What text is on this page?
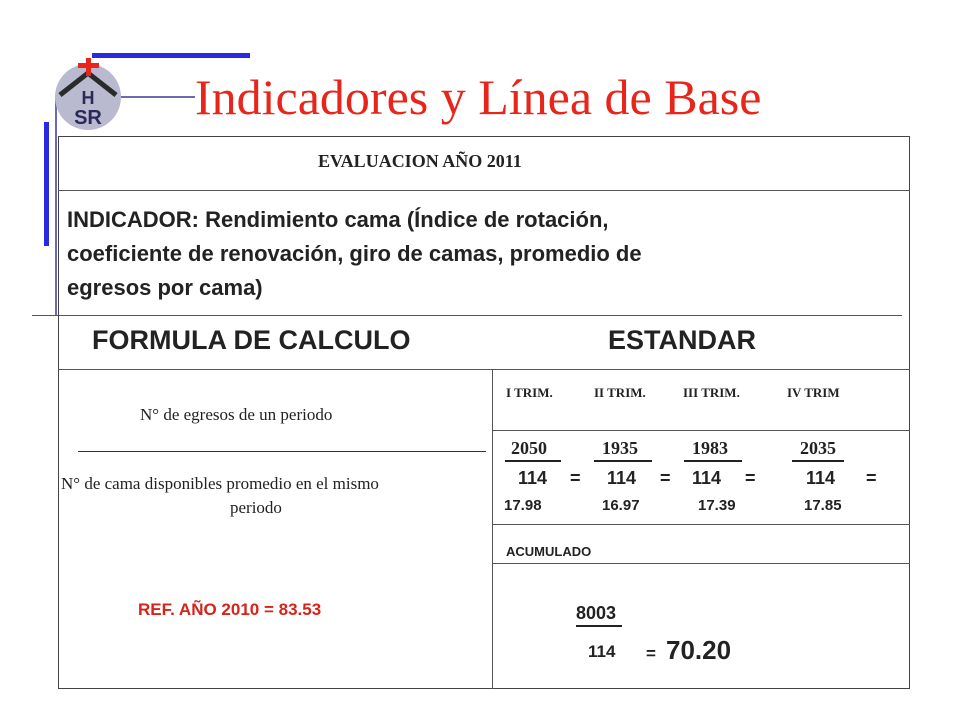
H
SR Indicadores y Línea de Base
EVALUACION AÑO 2011
INDICADOR: Rendimiento cama (Índice de rotación,
coeficiente de renovación, giro de camas, promedio de
egresos por cama)
FORMULA DE CALCULO	ESTANDAR
N° de egresos de un periodo
N° de cama disponibles promedio en el mismo
periodo
REF. AÑO 2010 = 83.53
I TRIM.	II TRIM.	III TRIM.	IV TRIM
2050	1935	1983	2035
114 = 114 = 114 =	114 =
17.98	16.97	17.39	17.85
ACUMULADO
8003
114 = 70.20
